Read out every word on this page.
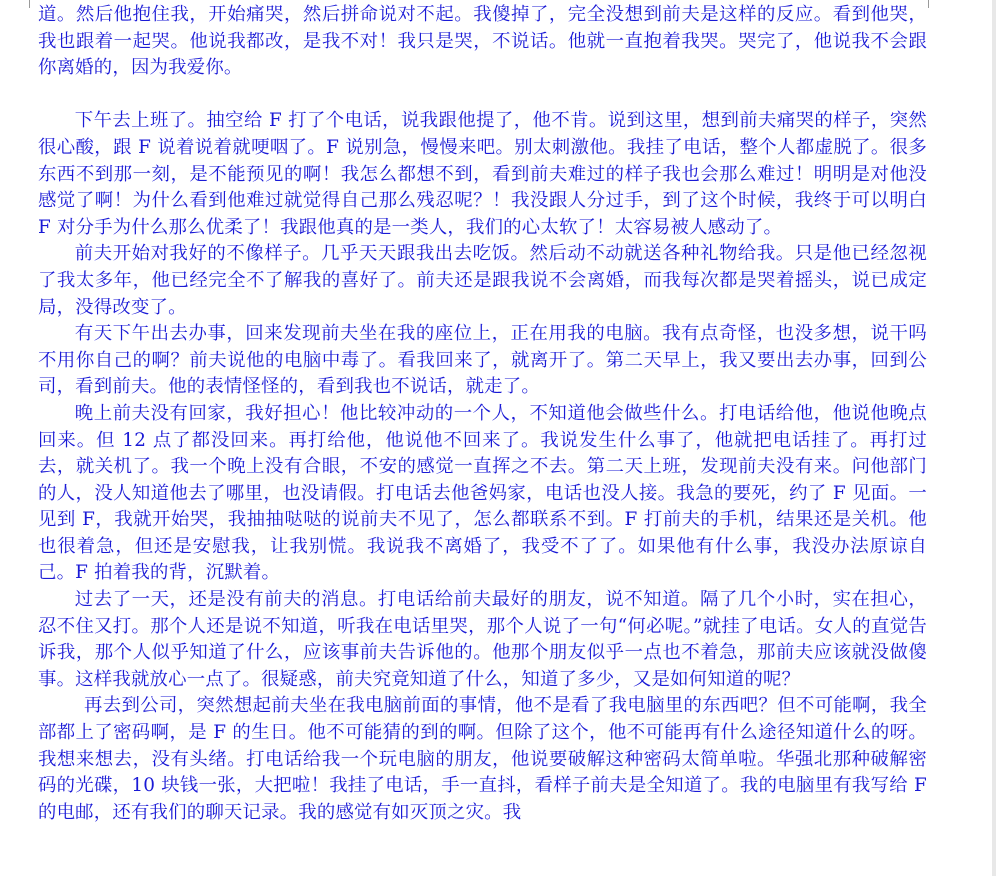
道。然后他抱住我，开始痛哭，然后拼命说对不起。我傻掉了，完全没想到前夫是这样的反应。看到他哭，我也跟着一起哭。他说我都改，是我不对！我只是哭，不说话。他就一直抱着我哭。哭完了，他说我不会跟你离婚的，因为我爱你。

下午去上班了。抽空给 F 打了个电话，说我跟他提了，他不肯。说到这里，想到前夫痛哭的样子，突然很心酸，跟 F 说着说着就哽咽了。F 说别急，慢慢来吧。别太刺激他。我挂了电话，整个人都虚脱了。很多东西不到那一刻，是不能预见的啊！我怎么都想不到，看到前夫难过的样子我也会那么难过！明明是对他没感觉了啊！为什么看到他难过就觉得自己那么残忍呢？！我没跟人分过手，到了这个时候，我终于可以明白 F 对分手为什么那么优柔了！我跟他真的是一类人，我们的心太软了！太容易被人感动了。

前夫开始对我好的不像样子。几乎天天跟我出去吃饭。然后动不动就送各种礼物给我。只是他已经忽视了我太多年，他已经完全不了解我的喜好了。前夫还是跟我说不会离婚，而我每次都是哭着摇头，说已成定局，没得改变了。

有天下午出去办事，回来发现前夫坐在我的座位上，正在用我的电脑。我有点奇怪，也没多想，说干吗不用你自己的啊？前夫说他的电脑中毒了。看我回来了，就离开了。第二天早上，我又要出去办事，回到公司，看到前夫。他的表情怪怪的，看到我也不说话，就走了。

晚上前夫没有回家，我好担心！他比较冲动的一个人，不知道他会做些什么。打电话给他，他说他晚点回来。但 12 点了都没回来。再打给他，他说他不回来了。我说发生什么事了，他就把电话挂了。再打过去，就关机了。我一个晚上没有合眼，不安的感觉一直挥之不去。第二天上班，发现前夫没有来。问他部门的人，没人知道他去了哪里，也没请假。打电话去他爸妈家，电话也没人接。我急的要死，约了 F 见面。一见到 F，我就开始哭，我抽抽哒哒的说前夫不见了，怎么都联系不到。F 打前夫的手机，结果还是关机。他也很着急，但还是安慰我，让我别慌。我说我不离婚了，我受不了了。如果他有什么事，我没办法原谅自己。F 拍着我的背，沉默着。

过去了一天，还是没有前夫的消息。打电话给前夫最好的朋友，说不知道。隔了几个小时，实在担心，忍不住又打。那个人还是说不知道，听我在电话里哭，那个人说了一句“何必呢。”就挂了电话。女人的直觉告诉我，那个人似乎知道了什么，应该事前夫告诉他的。他那个朋友似乎一点也不着急，那前夫应该就没做傻事。这样我就放心一点了。很疑惑，前夫究竟知道了什么，知道了多少，又是如何知道的呢？

再去到公司，突然想起前夫坐在我电脑前面的事情，他不是看了我电脑里的东西吧？但不可能啊，我全部都上了密码啊，是 F 的生日。他不可能猜的到的啊。但除了这个，他不可能再有什么途径知道什么的呀。我想来想去，没有头绪。打电话给我一个玩电脑的朋友，他说要破解这种密码太简单啦。华强北那种破解密码的光碟，10 块钱一张，大把啦！我挂了电话，手一直抖，看样子前夫是全知道了。我的电脑里有我写给 F 的电邮，还有我们的聊天记录。我的感觉有如灭顶之灾。我
